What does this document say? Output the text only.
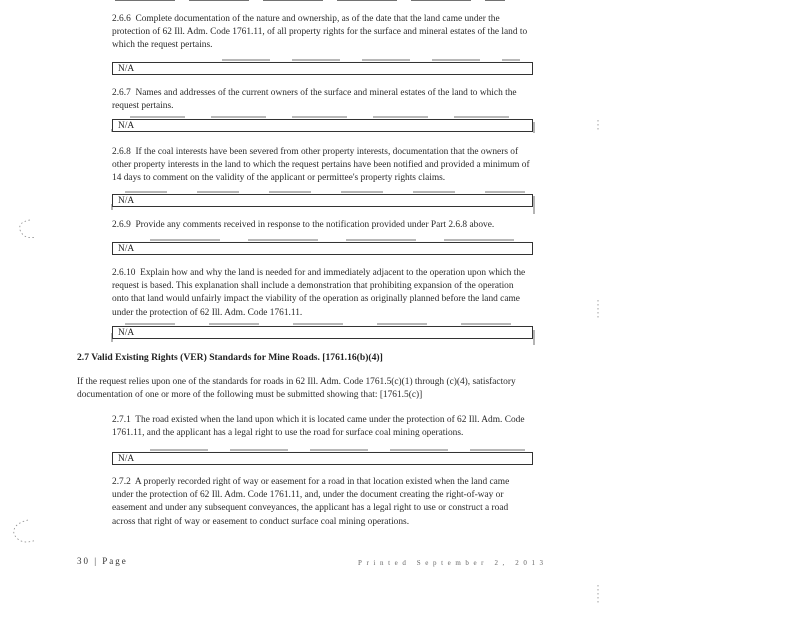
2.6.6 Complete documentation of the nature and ownership, as of the date that the land came under the protection of 62 Ill. Adm. Code 1761.11, of all property rights for the surface and mineral estates of the land to which the request pertains.

N/A

2.6.7 Names and addresses of the current owners of the surface and mineral estates of the land to which the request pertains.

N/A

2.6.8 If the coal interests have been severed from other property interests, documentation that the owners of other property interests in the land to which the request pertains have been notified and provided a minimum of 14 days to comment on the validity of the applicant or permittee's property rights claims.

N/A

2.6.9 Provide any comments received in response to the notification provided under Part 2.6.8 above.

N/A

2.6.10 Explain how and why the land is needed for and immediately adjacent to the operation upon which the request is based. This explanation shall include a demonstration that prohibiting expansion of the operation onto that land would unfairly impact the viability of the operation as originally planned before the land came under the protection of 62 Ill. Adm. Code 1761.11.

N/A

2.7 Valid Existing Rights (VER) Standards for Mine Roads. [1761.16(b)(4)]

If the request relies upon one of the standards for roads in 62 Ill. Adm. Code 1761.5(c)(1) through (c)(4), satisfactory documentation of one or more of the following must be submitted showing that: [1761.5(c)]

2.7.1 The road existed when the land upon which it is located came under the protection of 62 Ill. Adm. Code 1761.11, and the applicant has a legal right to use the road for surface coal mining operations.

N/A

2.7.2 A properly recorded right of way or easement for a road in that location existed when the land came under the protection of 62 Ill. Adm. Code 1761.11, and, under the document creating the right-of-way or easement and under any subsequent conveyances, the applicant has a legal right to use or construct a road across that right of way or easement to conduct surface coal mining operations.

30 | Page	Printed September 2, 2013
